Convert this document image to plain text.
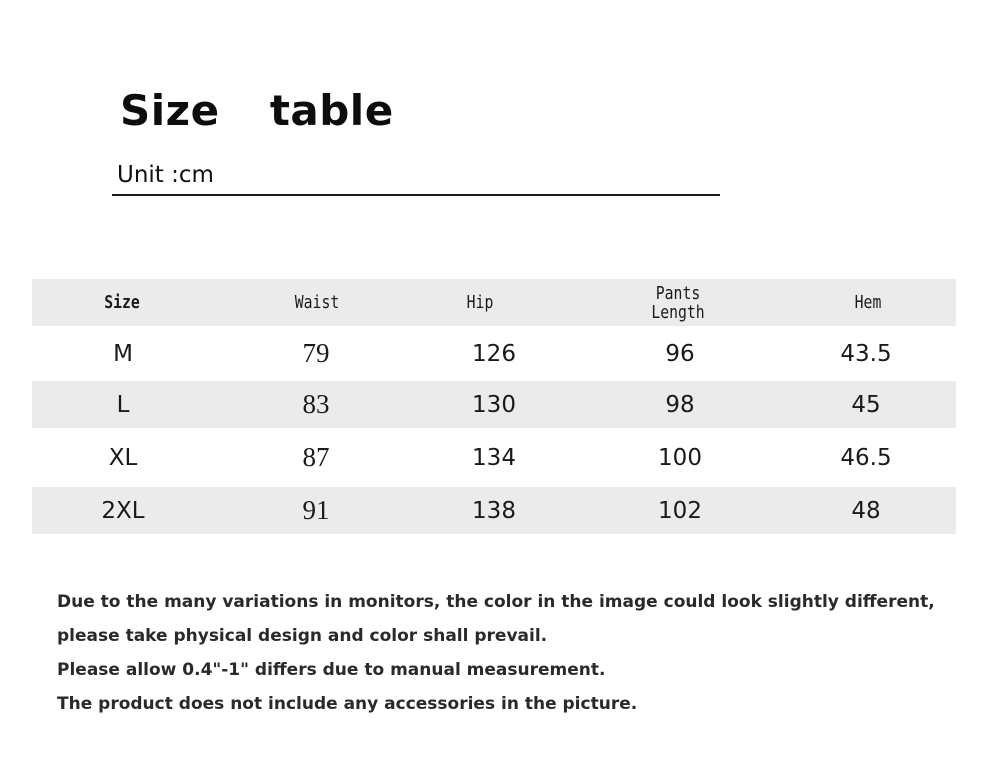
Size  table
Unit :cm
Size	Waist	Hip	Pants Length	Hem
M	79	126	96	43.5
L	83	130	98	45
XL	87	134	100	46.5
2XL	91	138	102	48
Due to the many variations in monitors, the color in the image could look slightly different,
please take physical design and color shall prevail.
Please allow 0.4"-1" differs due to manual measurement.
The product does not include any accessories in the picture.
